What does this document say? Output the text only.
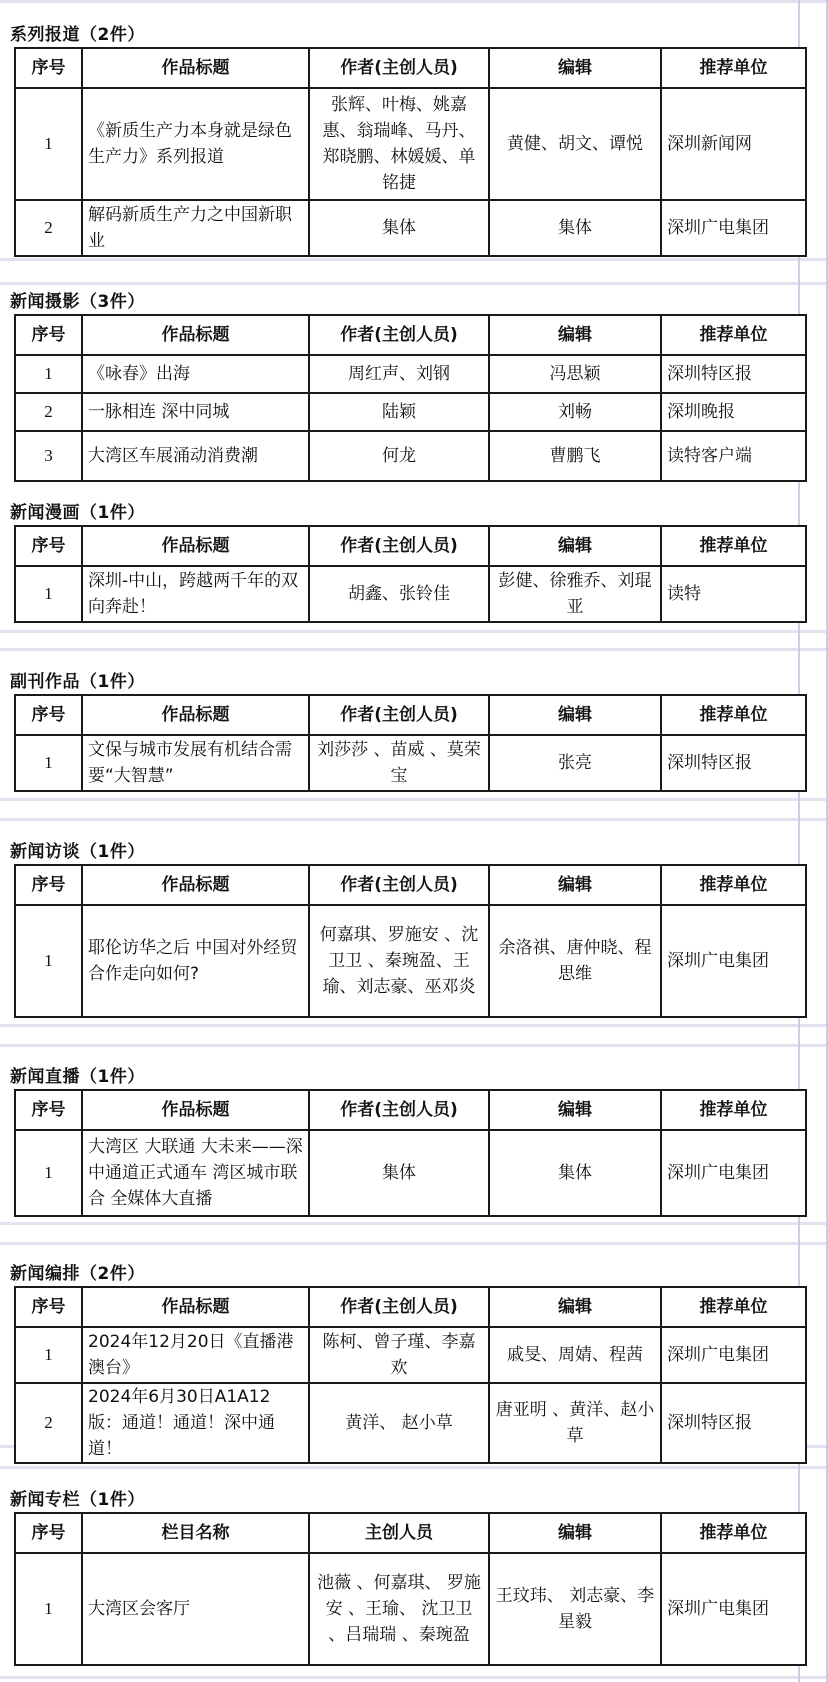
系列报道（2件）
序号	作品标题	作者(主创人员)	编辑	推荐单位
1	《新质生产力本身就是绿色生产力》系列报道	张辉、叶梅、姚嘉惠、翁瑞峰、马丹、郑晓鹏、林媛媛、单铭捷	黄健、胡文、谭悦	深圳新闻网
2	解码新质生产力之中国新职业	集体	集体	深圳广电集团
新闻摄影（3件）
序号	作品标题	作者(主创人员)	编辑	推荐单位
1	《咏春》出海	周红声、刘钢	冯思颖	深圳特区报
2	一脉相连 深中同城	陆颖	刘畅	深圳晚报
3	大湾区车展涌动消费潮	何龙	曹鹏飞	读特客户端
新闻漫画（1件）
序号	作品标题	作者(主创人员)	编辑	推荐单位
1	深圳-中山，跨越两千年的双向奔赴！	胡鑫、张铃佳	彭健、徐雅乔、刘琨亚	读特
副刊作品（1件）
序号	作品标题	作者(主创人员)	编辑	推荐单位
1	文保与城市发展有机结合需要“大智慧”	刘莎莎 、苗威 、莫荣宝	张亮	深圳特区报
新闻访谈（1件）
序号	作品标题	作者(主创人员)	编辑	推荐单位
1	耶伦访华之后 中国对外经贸合作走向如何?	何嘉琪、罗施安 、沈卫卫 、秦琬盈、王瑜、刘志豪、巫邓炎	余洛祺、唐仲晓、程思维	深圳广电集团
新闻直播（1件）
序号	作品标题	作者(主创人员)	编辑	推荐单位
1	大湾区 大联通 大未来——深中通道正式通车 湾区城市联合 全媒体大直播	集体	集体	深圳广电集团
新闻编排（2件）
序号	作品标题	作者(主创人员)	编辑	推荐单位
1	2024年12月20日《直播港澳台》	陈柯、曾子瑾、李嘉欢	戚旻、周婧、程茜	深圳广电集团
2	2024年6月30日A1A12版：通道！通道！深中通道！	黄洋、 赵小草	唐亚明 、黄洋、赵小草	深圳特区报
新闻专栏（1件）
序号	栏目名称	主创人员	编辑	推荐单位
1	大湾区会客厅	池薇 、何嘉琪、 罗施安 、王瑜、 沈卫卫 、吕瑞瑞 、秦琬盈	王玟玮、 刘志豪、李星毅	深圳广电集团
